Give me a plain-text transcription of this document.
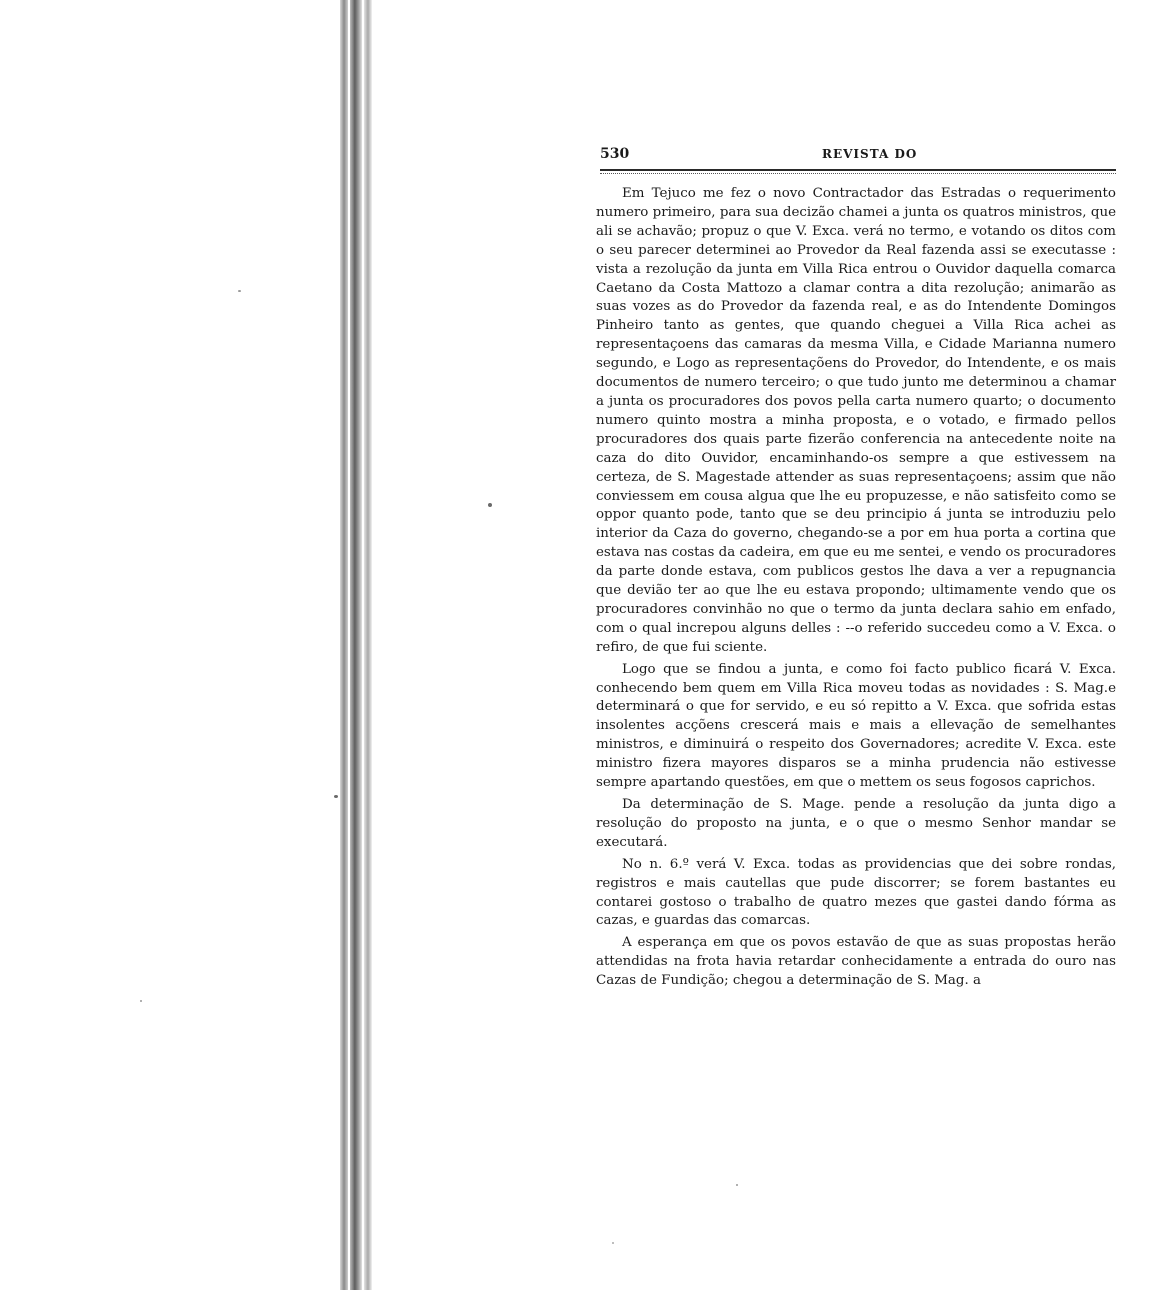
530	REVISTA DO

Em Tejuco me fez o novo Contractador das Estradas o requerimento numero primeiro, para sua decizão chamei a junta os quatros ministros, que ali se achavão; propuz o que V. Exca. verá no termo, e votando os ditos com o seu parecer determinei ao Provedor da Real fazenda assi se executasse : vista a rezolução da junta em Villa Rica entrou o Ouvidor daquella comarca Caetano da Costa Mattozo a clamar contra a dita rezolução; animarão as suas vozes as do Provedor da fazenda real, e as do Intendente Domingos Pinheiro tanto as gentes, que quando cheguei a Villa Rica achei as representaçoens das camaras da mesma Villa, e Cidade Marianna numero segundo, e Logo as representaçõens do Provedor, do Intendente, e os mais documentos de numero terceiro; o que tudo junto me determinou a chamar a junta os procuradores dos povos pella carta numero quarto; o documento numero quinto mostra a minha proposta, e o votado, e firmado pellos procuradores dos quais parte fizerão conferencia na antecedente noite na caza do dito Ouvidor, encaminhando-os sempre a que estivessem na certeza, de S. Magestade attender as suas representaçoens; assim que não conviessem em cousa algua que lhe eu propuzesse, e não satisfeito como se oppor quanto pode, tanto que se deu principio á junta se introduziu pelo interior da Caza do governo, chegando-se a por em hua porta a cortina que estava nas costas da cadeira, em que eu me sentei, e vendo os procuradores da parte donde estava, com publicos gestos lhe dava a ver a repugnancia que devião ter ao que lhe eu estava propondo; ultimamente vendo que os procuradores convinhão no que o termo da junta declara sahio em enfado, com o qual increpou alguns delles : --o referido succedeu como a V. Exca. o refiro, de que fui sciente.

Logo que se findou a junta, e como foi facto publico ficará V. Exca. conhecendo bem quem em Villa Rica moveu todas as novidades : S. Mag.e determinará o que for servido, e eu só repitto a V. Exca. que sofrida estas insolentes acçõens crescerá mais e mais a ellevação de semelhantes ministros, e diminuirá o respeito dos Governadores; acredite V. Exca. este ministro fizera mayores disparos se a minha prudencia não estivesse sempre apartando questões, em que o mettem os seus fogosos caprichos.

Da determinação de S. Mage. pende a resolução da junta digo a resolução do proposto na junta, e o que o mesmo Senhor mandar se executará.

No n. 6.º verá V. Exca. todas as providencias que dei sobre rondas, registros e mais cautellas que pude discorrer; se forem bastantes eu contarei gostoso o trabalho de quatro mezes que gastei dando fórma as cazas, e guardas das comarcas.

A esperança em que os povos estavão de que as suas propostas herão attendidas na frota havia retardar conhecidamente a entrada do ouro nas Cazas de Fundição; chegou a determinação de S. Mag. a
